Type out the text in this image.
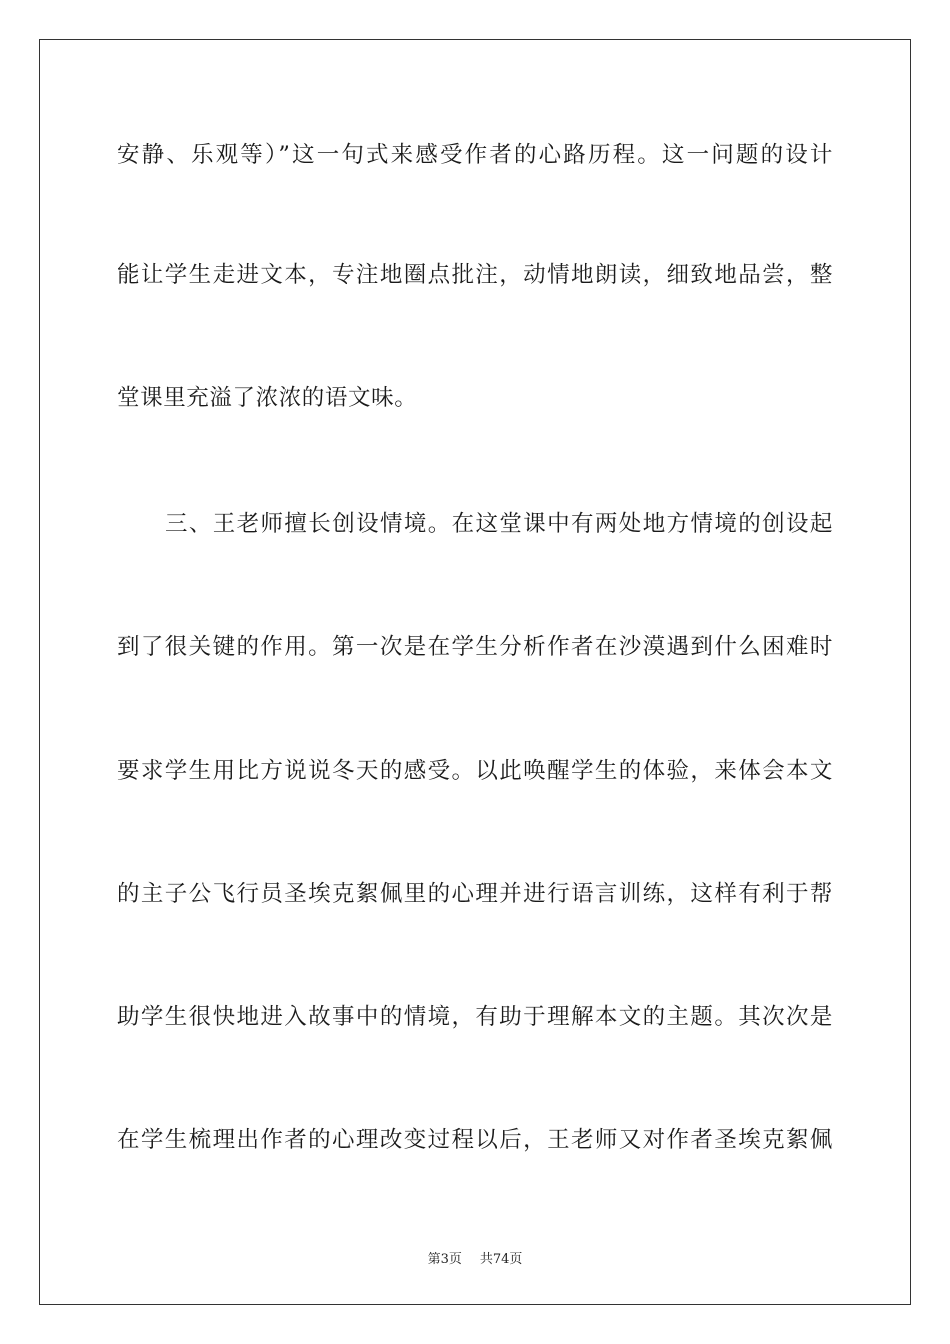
安静、乐观等）”这一句式来感受作者的心路历程。这一问题的设计
能让学生走进文本，专注地圈点批注，动情地朗读，细致地品尝，整
堂课里充溢了浓浓的语文味。
三、王老师擅长创设情境。在这堂课中有两处地方情境的创设起
到了很关键的作用。第一次是在学生分析作者在沙漠遇到什么困难时
要求学生用比方说说冬天的感受。以此唤醒学生的体验，来体会本文
的主子公飞行员圣埃克絮佩里的心理并进行语言训练，这样有利于帮
助学生很快地进入故事中的情境，有助于理解本文的主题。其次次是
在学生梳理出作者的心理改变过程以后，王老师又对作者圣埃克絮佩
第3页 共74页
